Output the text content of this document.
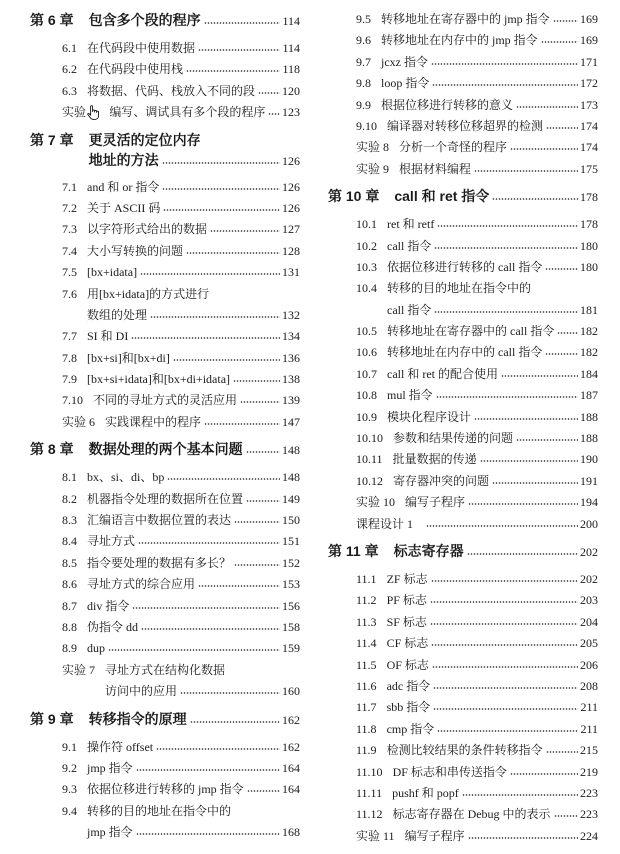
第 6 章 包含多个段的程序	114
6.1 在代码段中使用数据	114
6.2 在代码段中使用栈	118
6.3 将数据、代码、栈放入不同的段 120
实验 编写、调试具有多个段的程序 123
第 7 章 更灵活的定位内存
地址的方法	126
7.1 and 和 or 指令	126
7.2 关于 ASCII 码	126
7.3 以字符形式给出的数据	127
7.4 大小写转换的问题	128
7.5 [bx+idata]	131
7.6 用[bx+idata]的方式进行
数组的处理	132
7.7 SI 和 DI	134
7.8 [bx+si]和[bx+di]	136
7.9 [bx+si+idata]和[bx+di+idata]	138
7.10 不同的寻址方式的灵活应用	139
实验 6 实践课程中的程序	147
第 8 章 数据处理的两个基本问题	148
8.1 bx、si、di、bp	148
8.2 机器指令处理的数据所在位置	149
8.3 汇编语言中数据位置的表达	150
8.4 寻址方式	151
8.5 指令要处理的数据有多长？	152
8.6 寻址方式的综合应用	153
8.7 div 指令	156
8.8 伪指令 dd	158
8.9 dup	159
实验 7 寻址方式在结构化数据
访问中的应用	160
第 9 章 转移指令的原理	162
9.1 操作符 offset	162
9.2 jmp 指令	164
9.3 依据位移进行转移的 jmp 指令	164
9.4 转移的目的地址在指令中的
jmp 指令	168
9.5 转移地址在寄存器中的 jmp 指令	169
9.6 转移地址在内存中的 jmp 指令	169
9.7 jcxz 指令	171
9.8 loop 指令	172
9.9 根据位移进行转移的意义	173
9.10 编译器对转移位移超界的检测	174
实验 8 分析一个奇怪的程序	174
实验 9 根据材料编程	175
第 10 章 call 和 ret 指令	178
10.1 ret 和 retf	178
10.2 call 指令	180
10.3 依据位移进行转移的 call 指令	180
10.4 转移的目的地址在指令中的
call 指令	181
10.5 转移地址在寄存器中的 call 指令 182
10.6 转移地址在内存中的 call 指令	182
10.7 call 和 ret 的配合使用	184
10.8 mul 指令	187
10.9 模块化程序设计	188
10.10 参数和结果传递的问题	188
10.11 批量数据的传递	190
10.12 寄存器冲突的问题	191
实验 10 编写子程序	194
课程设计 1	200
第 11 章 标志寄存器	202
11.1 ZF 标志	202
11.2 PF 标志	203
11.3 SF 标志	204
11.4 CF 标志	205
11.5 OF 标志	206
11.6 adc 指令	208
11.7 sbb 指令	211
11.8 cmp 指令	211
11.9 检测比较结果的条件转移指令	215
11.10 DF 标志和串传送指令	219
11.11 pushf 和 popf	223
11.12 标志寄存器在 Debug 中的表示 223
实验 11 编写子程序	224
